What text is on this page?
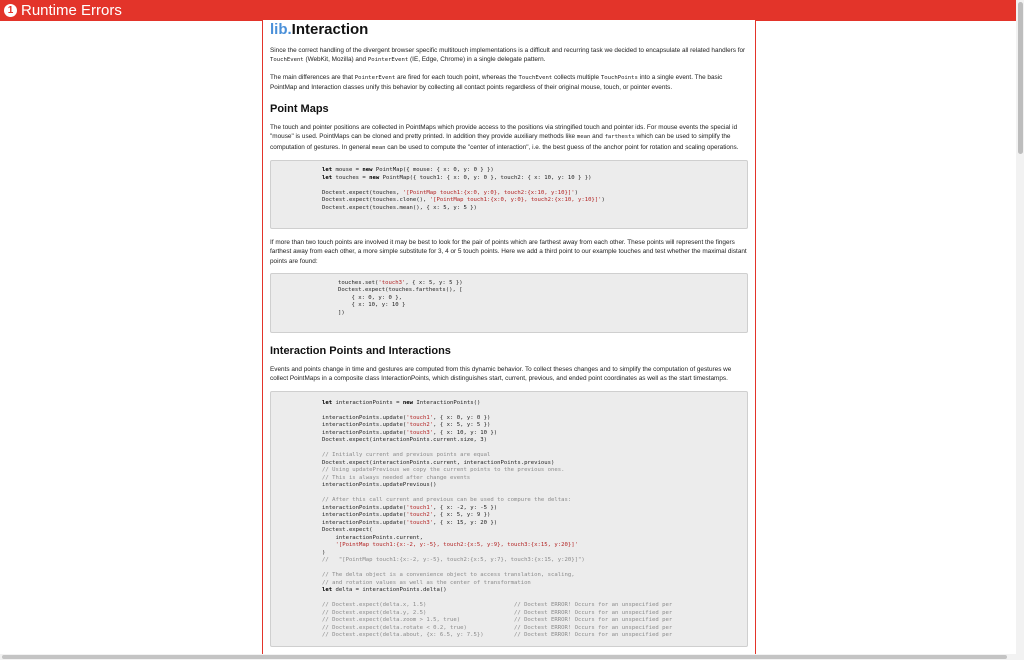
1 Runtime Errors
lib.Interaction

Since the correct handling of the divergent browser specific multitouch implementations is a difficult and recurring task we decided to encapsulate all related handlers for TouchEvent (WebKit, Mozilla) and PointerEvent (IE, Edge, Chrome) in a single delegate pattern.

The main differences are that PointerEvent are fired for each touch point, whereas the TouchEvent collects multiple TouchPoints into a single event. The basic PointMap and Interaction classes unify this behavior by collecting all contact points regardless of their original mouse, touch, or pointer events.

Point Maps

The touch and pointer positions are collected in PointMaps which provide access to the positions via stringified touch and pointer ids. For mouse events the special id "mouse" is used. PointMaps can be cloned and pretty printed. In addition they provide auxiliary methods like mean and farthests which can be used to simplify the computation of gestures. In general mean can be used to compute the "center of interaction", i.e. the best guess of the anchor point for rotation and scaling operations.

let mouse = new PointMap({ mouse: { x: 0, y: 0 } })
let touches = new PointMap({ touch1: { x: 0, y: 0 }, touch2: { x: 10, y: 10 } })

Doctest.expect(touches, '[PointMap touch1:{x:0, y:0}, touch2:{x:10, y:10}]')
Doctest.expect(touches.clone(), '[PointMap touch1:{x:0, y:0}, touch2:{x:10, y:10}]')
Doctest.expect(touches.mean(), { x: 5, y: 5 })

If more than two touch points are involved it may be best to look for the pair of points which are farthest away from each other. These points will represent the fingers farthest away from each other, a more simple substitute for 3, 4 or 5 touch points. Here we add a third point to our example touches and test whether the maximal distant points are found:

touches.set('touch3', { x: 5, y: 5 })
Doctest.expect(touches.farthests(), [
{ x: 0, y: 0 },
{ x: 10, y: 10 }
])
Interaction Points and Interactions

Events and points change in time and gestures are computed from this dynamic behavior. To collect theses changes and to simplify the computation of gestures we collect PointMaps in a composite class InteractionPoints, which distinguishes start, current, previous, and ended point coordinates as well as the start timestamps.

let interactionPoints = new InteractionPoints()

interactionPoints.update('touch1', { x: 0, y: 0 })
interactionPoints.update('touch2', { x: 5, y: 5 })
interactionPoints.update('touch3', { x: 10, y: 10 })
Doctest.expect(interactionPoints.current.size, 3)

// Initially current and previous points are equal
Doctest.expect(interactionPoints.current, interactionPoints.previous)
// Using updatePrevious we copy the current points to the previous ones.
// This is always needed after change events
interactionPoints.updatePrevious()

// After this call current and previous can be used to compure the deltas:
interactionPoints.update('touch1', { x: -2, y: -5 })
interactionPoints.update('touch2', { x: 5, y: 9 })
interactionPoints.update('touch3', { x: 15, y: 20 })
Doctest.expect(
interactionPoints.current,
'[PointMap touch1:{x:-2, y:-5}, touch2:{x:5, y:9}, touch3:{x:15, y:20}]'
)
//   "[PointMap touch1:{x:-2, y:-5}, touch2:{x:5, y:7}, touch3:{x:15, y:20}]")

// The delta object is a convenience object to access translation, scaling,
// and rotation values as well as the center of transformation
let delta = interactionPoints.delta()

// Doctest.expect(delta.x, 1.5)                          // Doctest ERROR! Occurs for an unspecified per
// Doctest.expect(delta.y, 2.5)                          // Doctest ERROR! Occurs for an unspecified per
// Doctest.expect(delta.zoom > 1.5, true)                // Doctest ERROR! Occurs for an unspecified per
// Doctest.expect(delta.rotate < 0.2, true)              // Doctest ERROR! Occurs for an unspecified per
// Doctest.expect(delta.about, {x: 6.5, y: 7.5})         // Doctest ERROR! Occurs for an unspecified per
